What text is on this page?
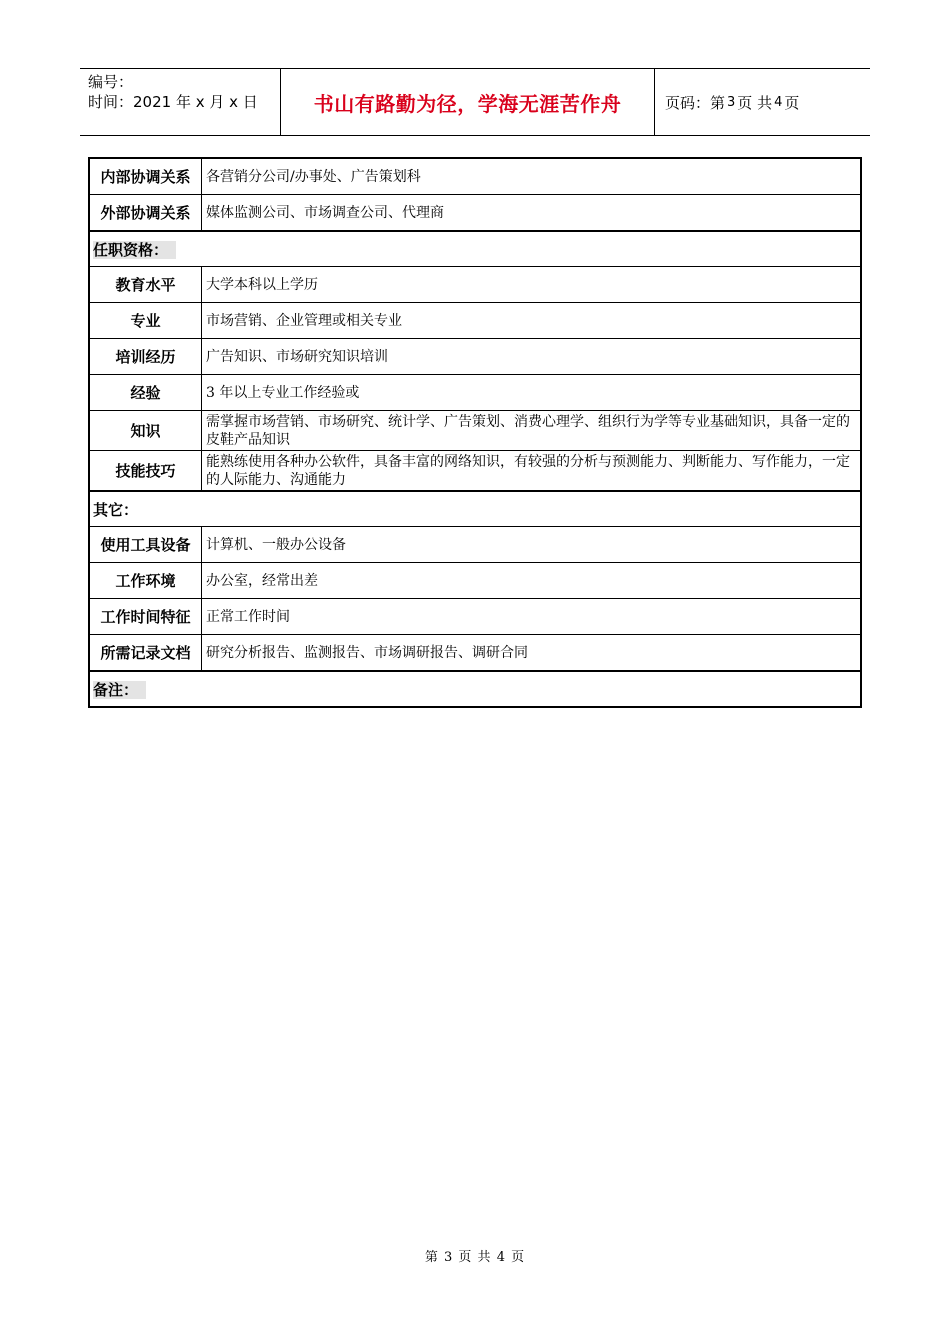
编号：
时间：2021 年 x 月 x 日	书山有路勤为径，学海无涯苦作舟	页码：第 3 页 共 4 页
内部协调关系	各营销分公司/办事处、广告策划科
外部协调关系	媒体监测公司、市场调查公司、代理商
任职资格：	
教育水平	大学本科以上学历
专业	市场营销、企业管理或相关专业
培训经历	广告知识、市场研究知识培训
经验	3 年以上专业工作经验或
知识	需掌握市场营销、市场研究、统计学、广告策划、消费心理学、组织行为学等专业基础知识，具备一定的皮鞋产品知识
技能技巧	能熟练使用各种办公软件，具备丰富的网络知识，有较强的分析与预测能力、判断能力、写作能力，一定的人际能力、沟通能力
其它：	
使用工具设备	计算机、一般办公设备
工作环境	办公室，经常出差
工作时间特征	正常工作时间
所需记录文档	研究分析报告、监测报告、市场调研报告、调研合同
备注：	
第 3 页 共 4 页
